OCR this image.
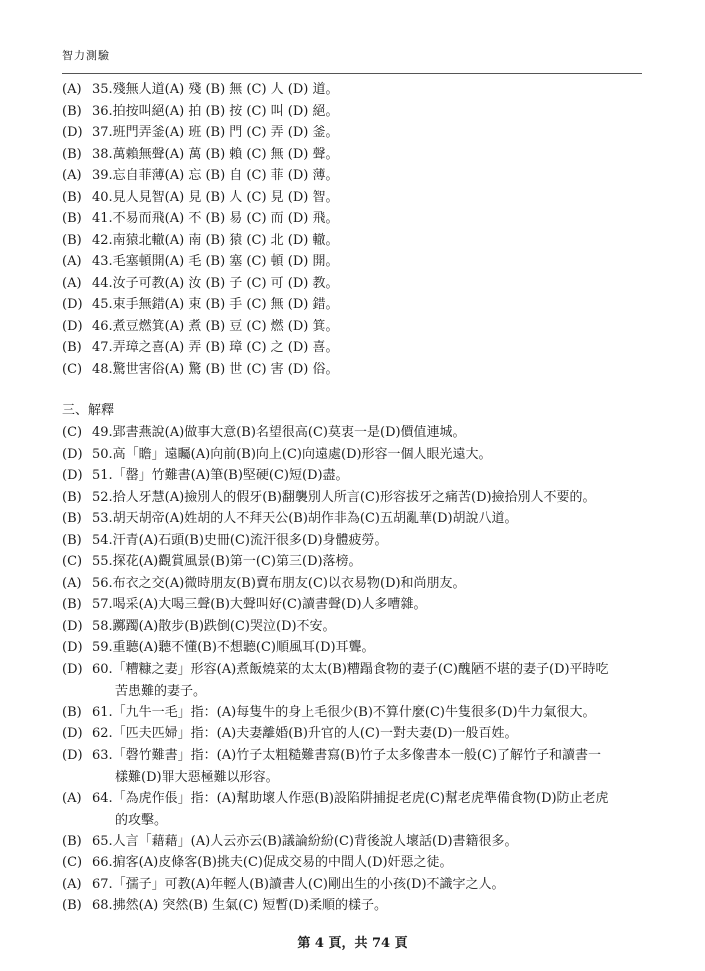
智力測驗
(A) 35.殘無人道(A) 殘 (B) 無 (C) 人 (D) 道。
(B) 36.拍按叫絕(A) 拍 (B) 按 (C) 叫 (D) 絕。
(D) 37.班門弄釜(A) 班 (B) 門 (C) 弄 (D) 釜。
(B) 38.萬賴無聲(A) 萬 (B) 賴 (C) 無 (D) 聲。
(A) 39.忘自菲薄(A) 忘 (B) 自 (C) 菲 (D) 薄。
(B) 40.見人見智(A) 見 (B) 人 (C) 見 (D) 智。
(B) 41.不易而飛(A) 不 (B) 易 (C) 而 (D) 飛。
(B) 42.南猿北轍(A) 南 (B) 猿 (C) 北 (D) 轍。
(A) 43.毛塞頓開(A) 毛 (B) 塞 (C) 頓 (D) 開。
(A) 44.汝子可教(A) 汝 (B) 子 (C) 可 (D) 教。
(D) 45.束手無錯(A) 束 (B) 手 (C) 無 (D) 錯。
(D) 46.煮豆燃箕(A) 煮 (B) 豆 (C) 燃 (D) 箕。
(B) 47.弄璋之喜(A) 弄 (B) 璋 (C) 之 (D) 喜。
(C) 48.驚世害俗(A) 驚 (B) 世 (C) 害 (D) 俗。
(C) 49.郢書燕說(A)做事大意(B)名望很高(C)莫衷一是(D)價值連城。
(D) 50.高「瞻」遠矚(A)向前(B)向上(C)向遠處(D)形容一個人眼光遠大。
(D) 51.「罄」竹難書(A)筆(B)堅硬(C)短(D)盡。
(B) 52.拾人牙慧(A)撿別人的假牙(B)翻襲別人所言(C)形容拔牙之痛苦(D)撿拾別人不要的。
(B) 53.胡天胡帝(A)姓胡的人不拜天公(B)胡作非為(C)五胡亂華(D)胡說八道。
(B) 54.汗青(A)石頭(B)史冊(C)流汗很多(D)身體疲勞。
(C) 55.探花(A)觀賞風景(B)第一(C)第三(D)落榜。
(A) 56.布衣之交(A)微時朋友(B)賣布朋友(C)以衣易物(D)和尚朋友。
(B) 57.喝采(A)大喝三聲(B)大聲叫好(C)讀書聲(D)人多嘈雜。
(D) 58.躑躅(A)散步(B)跌倒(C)哭泣(D)不安。
(D) 59.重聽(A)聽不懂(B)不想聽(C)順風耳(D)耳聾。
(D) 60.「糟糠之妻」形容(A)煮飯燒菜的太太(B)糟蹋食物的妻子(C)醜陋不堪的妻子(D)平時吃
苦患難的妻子。
(B) 61.「九牛一毛」指：(A)每隻牛的身上毛很少(B)不算什麼(C)牛隻很多(D)牛力氣很大。
(D) 62.「匹夫匹婦」指：(A)夫妻離婚(B)升官的人(C)一對夫妻(D)一般百姓。
(D) 63.「磬竹難書」指：(A)竹子太粗糙難書寫(B)竹子太多像書本一般(C)了解竹子和讀書一
樣難(D)罪大惡極難以形容。
(A) 64.「為虎作倀」指：(A)幫助壞人作惡(B)設陷阱捕捉老虎(C)幫老虎準備食物(D)防止老虎
的攻擊。
(B) 65.人言「藉藉」(A)人云亦云(B)議論紛紛(C)背後說人壞話(D)書籍很多。
(C) 66.掮客(A)皮條客(B)挑夫(C)促成交易的中間人(D)奸惡之徒。
(A) 67.「孺子」可教(A)年輕人(B)讀書人(C)剛出生的小孩(D)不識字之人。
(B) 68.拂然(A) 突然(B) 生氣(C) 短暫(D)柔順的樣子。
三、解釋
第 4 頁，共 74 頁
